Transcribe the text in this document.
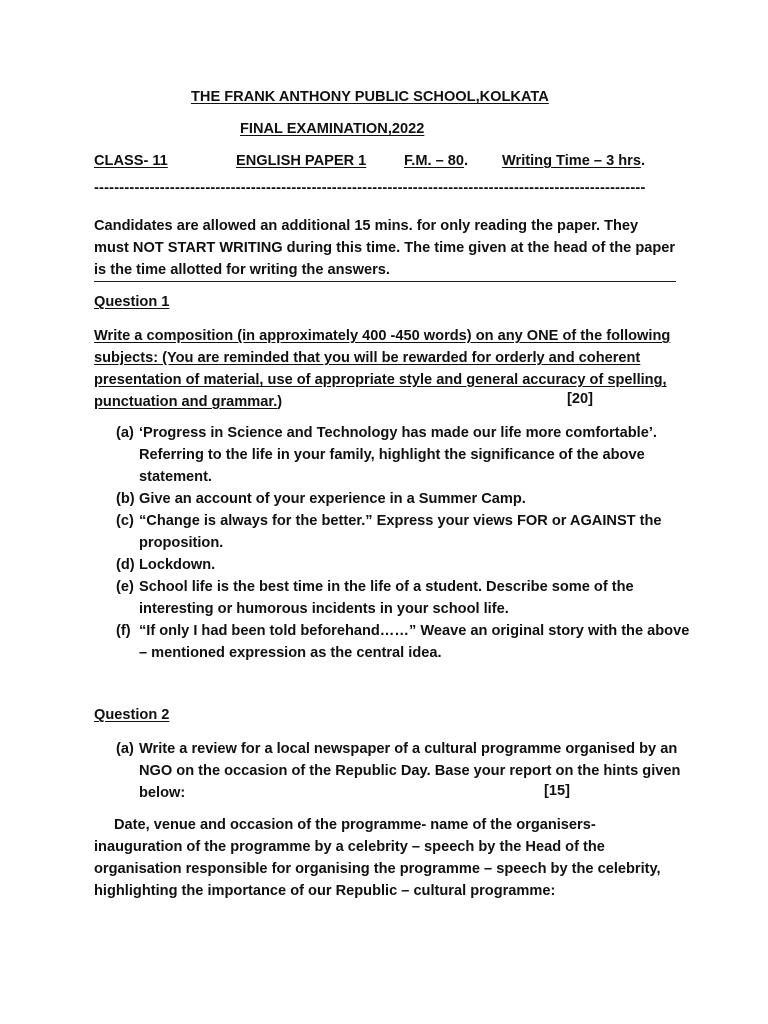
THE FRANK ANTHONY PUBLIC SCHOOL,KOLKATA
FINAL EXAMINATION,2022
CLASS- 11	ENGLISH PAPER 1	F.M. – 80. Writing Time – 3 hrs.
-------------------------------------------------------------------------------------------------------------
Candidates are allowed an additional 15 mins. for only reading the paper. They must NOT START WRITING during this time. The time given at the head of the paper is the time allotted for writing the answers.
Question 1
Write a composition (in approximately 400 -450 words) on any ONE of the following subjects: (You are reminded that you will be rewarded for orderly and coherent presentation of material, use of appropriate style and general accuracy of spelling, punctuation and grammar.)	[20]
(a) ‘Progress in Science and Technology has made our life more comfortable’. Referring to the life in your family, highlight the significance of the above statement.
(b) Give an account of your experience in a Summer Camp.
(c) “Change is always for the better.” Express your views FOR or AGAINST the proposition.
(d) Lockdown.
(e) School life is the best time in the life of a student. Describe some of the interesting or humorous incidents in your school life.
(f) “If only I had been told beforehand……” Weave an original story with the above – mentioned expression as the central idea.
Question 2
(a) Write a review for a local newspaper of a cultural programme organised by an NGO on the occasion of the Republic Day. Base your report on the hints given below:	[15]
Date, venue and occasion of the programme- name of the organisers- inauguration of the programme by a celebrity – speech by the Head of the organisation responsible for organising the programme – speech by the celebrity, highlighting the importance of our Republic – cultural programme:
